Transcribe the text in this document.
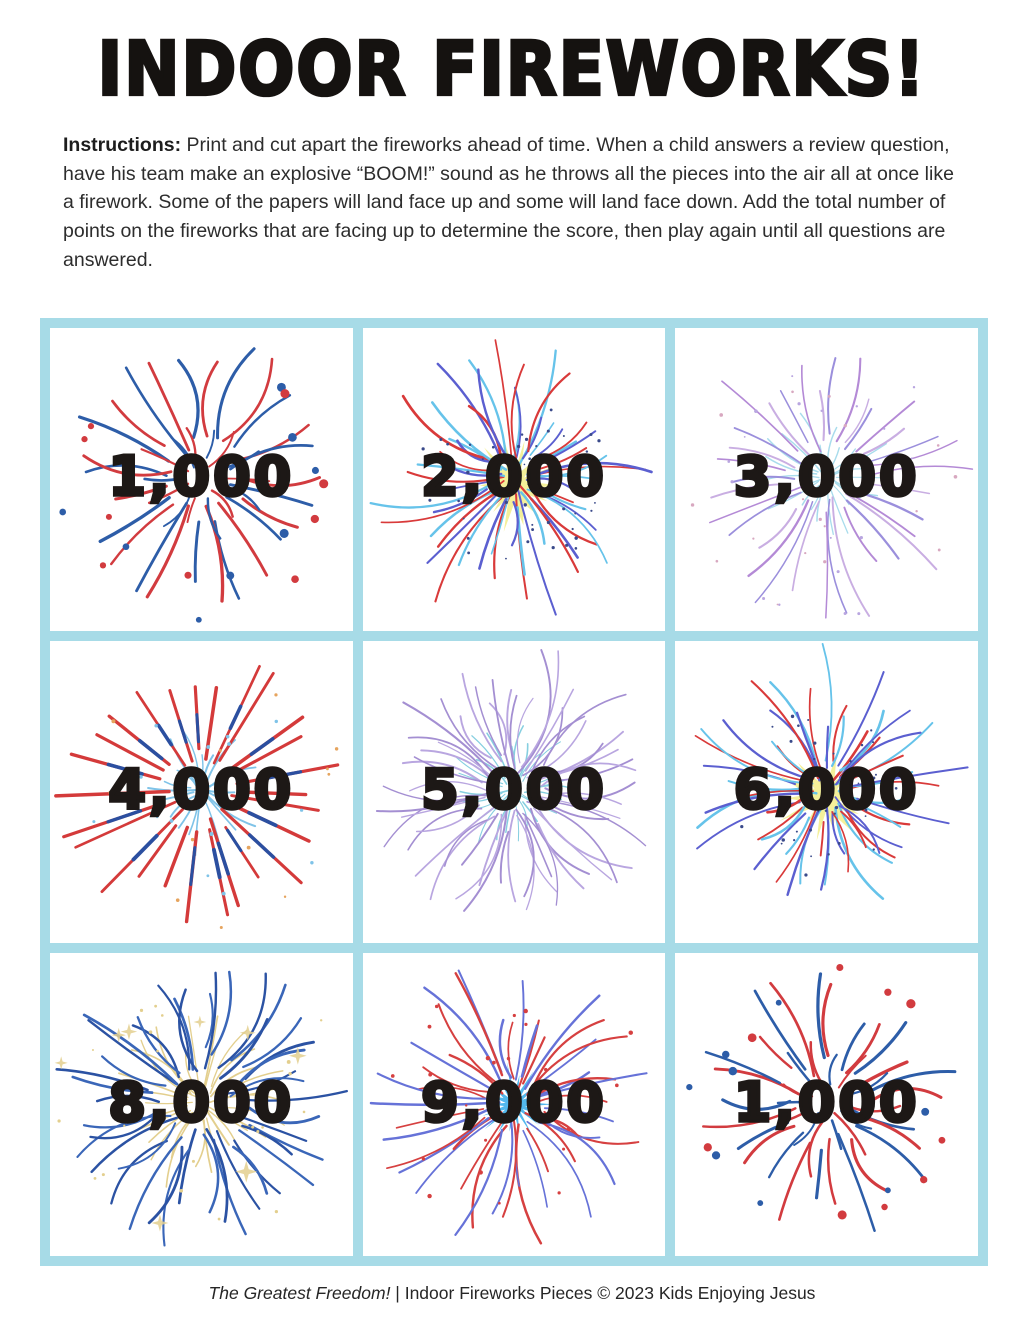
INDOOR FIREWORKS!

Instructions: Print and cut apart the fireworks ahead of time. When a child answers a review question, have his team make an explosive “BOOM!” sound as he throws all the pieces into the air all at once like a firework. Some of the papers will land face up and some will land face down. Add the total number of points on the fireworks that are facing up to determine the score, then play again until all questions are answered.

1,000	2,000	3,000
4,000	5,000	6,000
8,000	9,000	1,000

The Greatest Freedom! | Indoor Fireworks Pieces © 2023 Kids Enjoying Jesus
